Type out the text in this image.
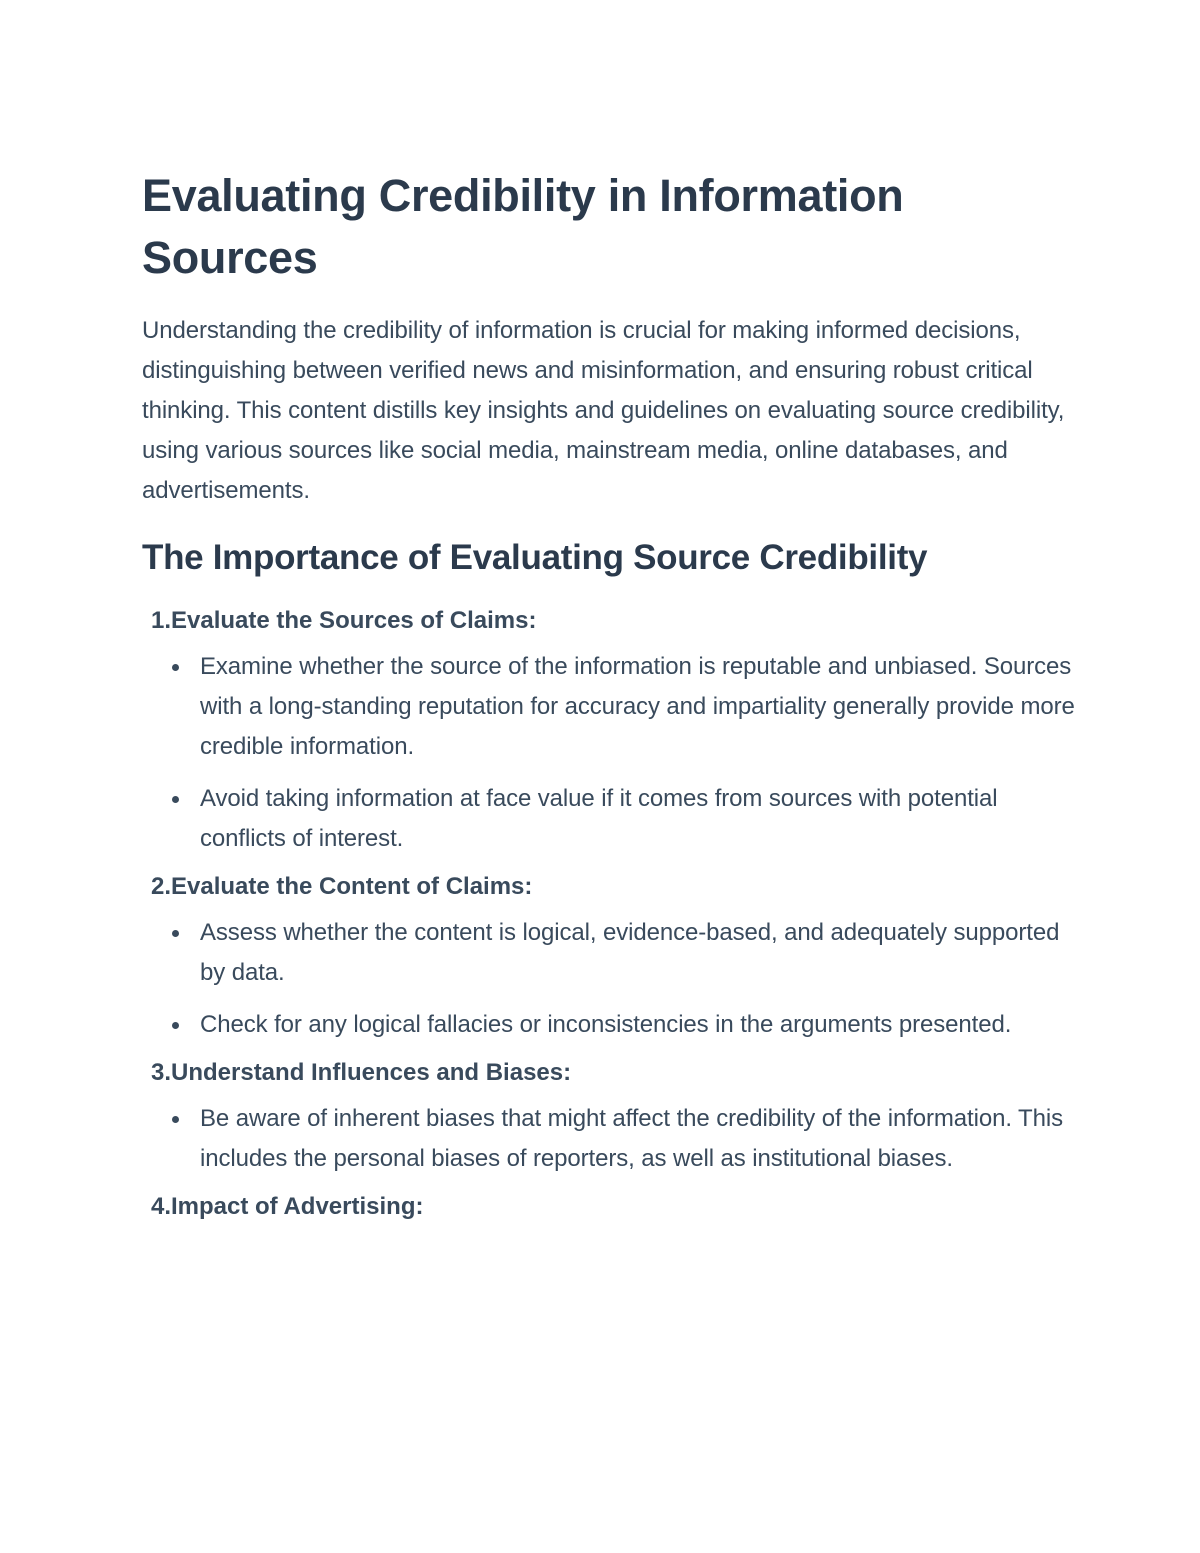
Evaluating Credibility in Information Sources

Understanding the credibility of information is crucial for making informed decisions, distinguishing between verified news and misinformation, and ensuring robust critical thinking. This content distills key insights and guidelines on evaluating source credibility, using various sources like social media, mainstream media, online databases, and advertisements.

The Importance of Evaluating Source Credibility
1. Evaluate the Sources of Claims:
Examine whether the source of the information is reputable and unbiased. Sources with a long-standing reputation for accuracy and impartiality generally provide more credible information.
Avoid taking information at face value if it comes from sources with potential conflicts of interest.
2. Evaluate the Content of Claims:
Assess whether the content is logical, evidence-based, and adequately supported by data.
Check for any logical fallacies or inconsistencies in the arguments presented.
3. Understand Influences and Biases:
Be aware of inherent biases that might affect the credibility of the information. This includes the personal biases of reporters, as well as institutional biases.
4. Impact of Advertising:
